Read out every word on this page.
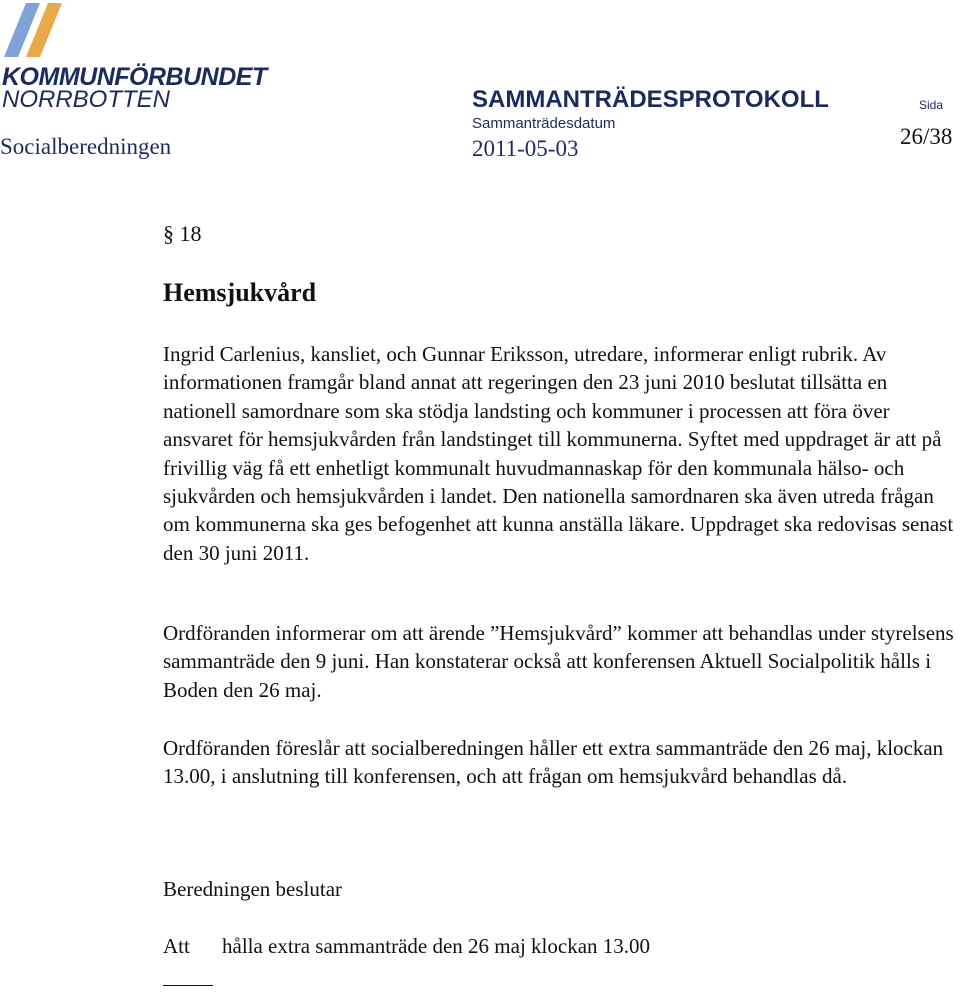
KOMMUNFÖRBUNDET
NORRBOTTEN	SAMMANTRÄDESPROTOKOLL	Sida
Sammanträdesdatum
Socialberedningen	2011-05-03	26/38
§ 18
Hemsjukvård

Ingrid Carlenius, kansliet, och Gunnar Eriksson, utredare, informerar enligt rubrik. Av informationen framgår bland annat att regeringen den 23 juni 2010 beslutat tillsätta en nationell samordnare som ska stödja landsting och kommuner i processen att föra över ansvaret för hemsjukvården från landstinget till kommunerna. Syftet med uppdraget är att på frivillig väg få ett enhetligt kommunalt huvudmannaskap för den kommunala hälso- och sjukvården och hemsjukvården i landet. Den nationella samordnaren ska även utreda frågan om kommunerna ska ges befogenhet att kunna anställa läkare. Uppdraget ska redovisas senast den 30 juni 2011.

Ordföranden informerar om att ärende ”Hemsjukvård” kommer att behandlas under styrelsens sammanträde den 9 juni. Han konstaterar också att konferensen Aktuell Socialpolitik hålls i Boden den 26 maj.

Ordföranden föreslår att socialberedningen håller ett extra sammanträde den 26 maj, klockan 13.00, i anslutning till konferensen, och att frågan om hemsjukvård behandlas då.

Beredningen beslutar
Att hålla extra sammanträde den 26 maj klockan 13.00
